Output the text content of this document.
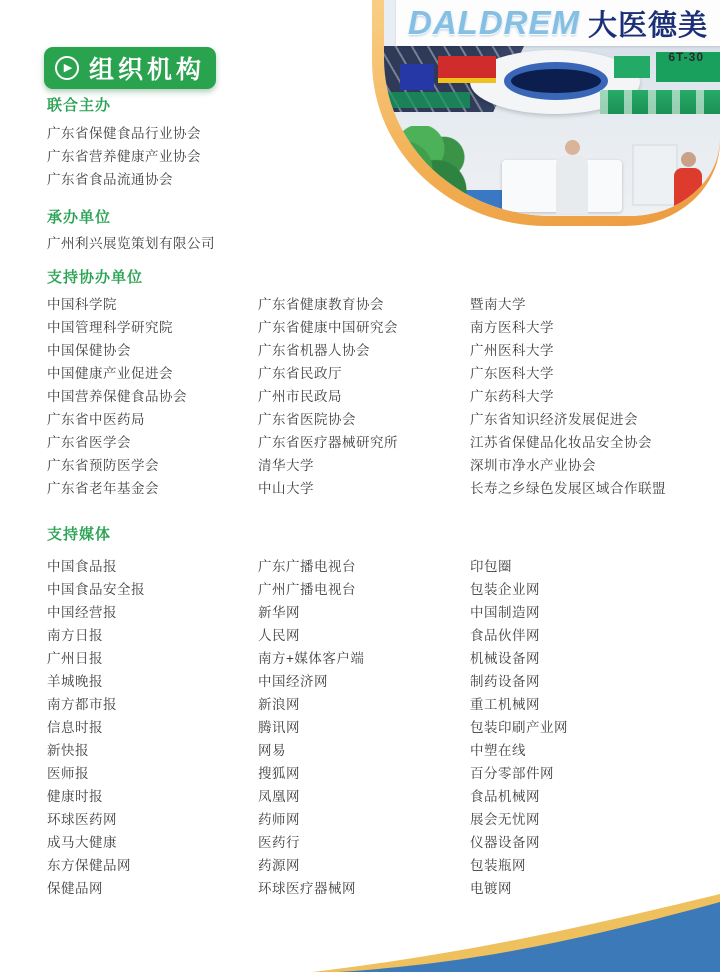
DALDREM 大医德美
6T-30
▶ 组织机构
联合主办
广东省保健食品行业协会
广东省营养健康产业协会
广东省食品流通协会
承办单位
广州利兴展览策划有限公司
支持协办单位
中国科学院
中国管理科学研究院
中国保健协会
中国健康产业促进会
中国营养保健食品协会
广东省中医药局
广东省医学会
广东省预防医学会
广东省老年基金会
广东省健康教育协会
广东省健康中国研究会
广东省机器人协会
广东省民政厅
广州市民政局
广东省医院协会
广东省医疗器械研究所
清华大学
中山大学
暨南大学
南方医科大学
广州医科大学
广东医科大学
广东药科大学
广东省知识经济发展促进会
江苏省保健品化妆品安全协会
深圳市净水产业协会
长寿之乡绿色发展区域合作联盟
支持媒体
中国食品报
中国食品安全报
中国经营报
南方日报
广州日报
羊城晚报
南方都市报
信息时报
新快报
医师报
健康时报
环球医药网
成马大健康
东方保健品网
保健品网
广东广播电视台
广州广播电视台
新华网
人民网
南方+媒体客户端
中国经济网
新浪网
腾讯网
网易
搜狐网
凤凰网
药师网
医药行
药源网
环球医疗器械网
印包圈
包装企业网
中国制造网
食品伙伴网
机械设备网
制药设备网
重工机械网
包装印刷产业网
中塑在线
百分零部件网
食品机械网
展会无忧网
仪器设备网
包装瓶网
电镀网
